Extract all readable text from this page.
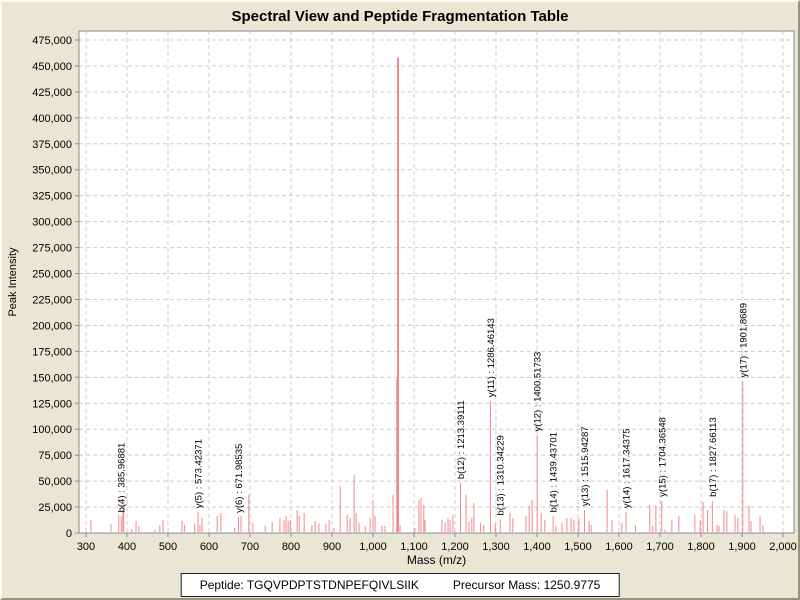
Spectral View and Peptide Fragmentation Table
0
25,000
50,000
75,000
100,000
125,000
150,000
175,000
200,000
225,000
250,000
275,000
300,000
325,000
350,000
375,000
400,000
425,000
450,000
475,000
300 400 500 600 700 800 900 1,000 1,100 1,200 1,300 1,400 1,500 1,600 1,700 1,800 1,900 2,000
Peak Intensity
Mass (m/z)
b(4) : 385.96881	y(5) : 573.42371	y(6) : 671.98535	b(12) : 1213.39111
y(11) : 1286.46143
b(13) : 1310.34229
y(12) : 1400.51733
b(14) : 1439.43701 y(13) : 1515.94287	y(14) : 1617.34375	y(15) : 1704.36548	b(17) : 1827.66113
y(17) : 1901.8689
Peptide: TGQVPDPTSTDNPEFQIVLSIIK	Precursor Mass: 1250.9775
